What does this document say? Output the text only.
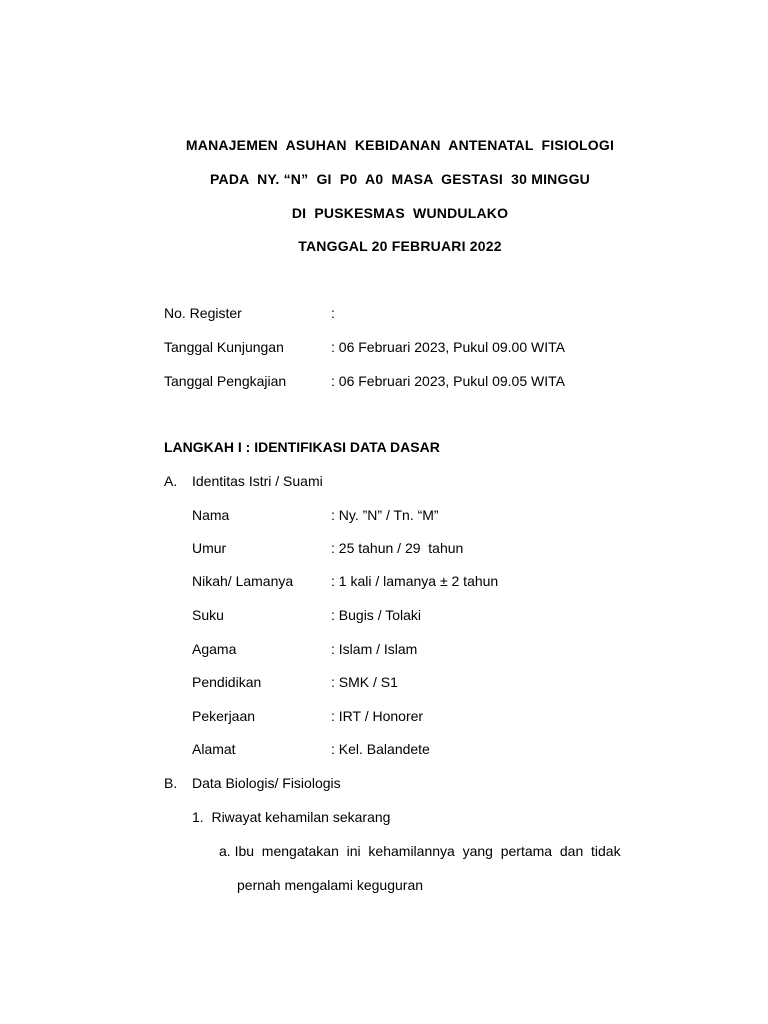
MANAJEMEN  ASUHAN  KEBIDANAN  ANTENATAL  FISIOLOGI
PADA  NY. “N”  GI  P0  A0  MASA  GESTASI  30 MINGGU
DI  PUSKESMAS  WUNDULAKO
TANGGAL 20 FEBRUARI 2022
No. Register	:
Tanggal Kunjungan	: 06 Februari 2023, Pukul 09.00 WITA
Tanggal Pengkajian	: 06 Februari 2023, Pukul 09.05 WITA
LANGKAH I : IDENTIFIKASI DATA DASAR
A. Identitas Istri / Suami
Nama	: Ny. ”N” / Tn. “M”
Umur	: 25 tahun / 29  tahun
Nikah/ Lamanya	: 1 kali / lamanya ± 2 tahun
Suku	: Bugis / Tolaki
Agama	: Islam / Islam
Pendidikan	: SMK / S1
Pekerjaan	: IRT / Honorer
Alamat	: Kel. Balandete
B. Data Biologis/ Fisiologis
1.  Riwayat kehamilan sekarang
a. Ibu  mengatakan  ini  kehamilannya  yang  pertama  dan  tidak
pernah mengalami keguguran
